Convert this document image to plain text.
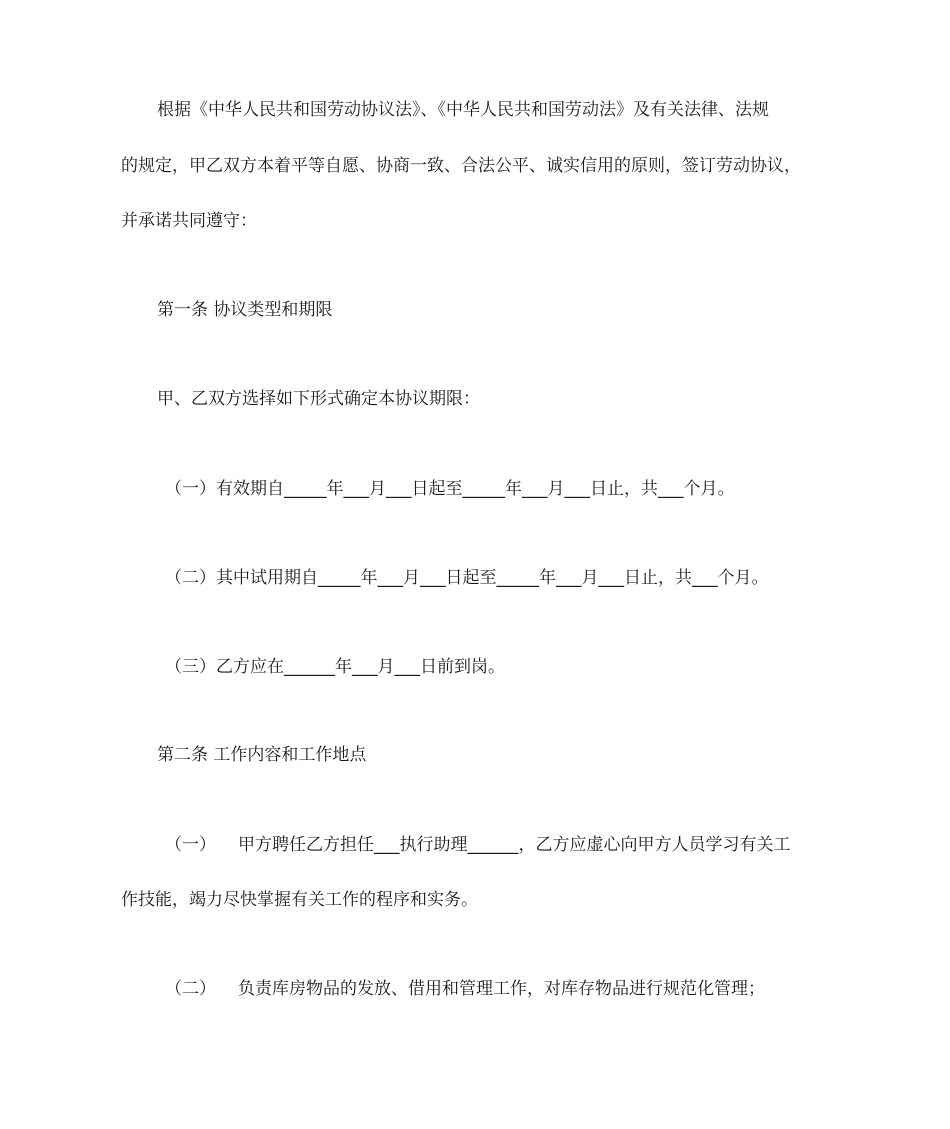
根据《中华人民共和国劳动协议法》、《中华人民共和国劳动法》及有关法律、法规
的规定，甲乙双方本着平等自愿、协商一致、合法公平、诚实信用的原则，签订劳动协议，
并承诺共同遵守：
第一条 协议类型和期限
甲、乙双方选择如下形式确定本协议期限：
（一）有效期自_____年___月___日起至_____年___月___日止，共___个月。
（二）其中试用期自_____年___月___日起至_____年___月___日止，共___个月。
（三）乙方应在______年___月___日前到岗。
第二条 工作内容和工作地点
（一） 甲方聘任乙方担任___执行助理______，乙方应虚心向甲方人员学习有关工
作技能，竭力尽快掌握有关工作的程序和实务。
（二） 负责库房物品的发放、借用和管理工作，对库存物品进行规范化管理；
